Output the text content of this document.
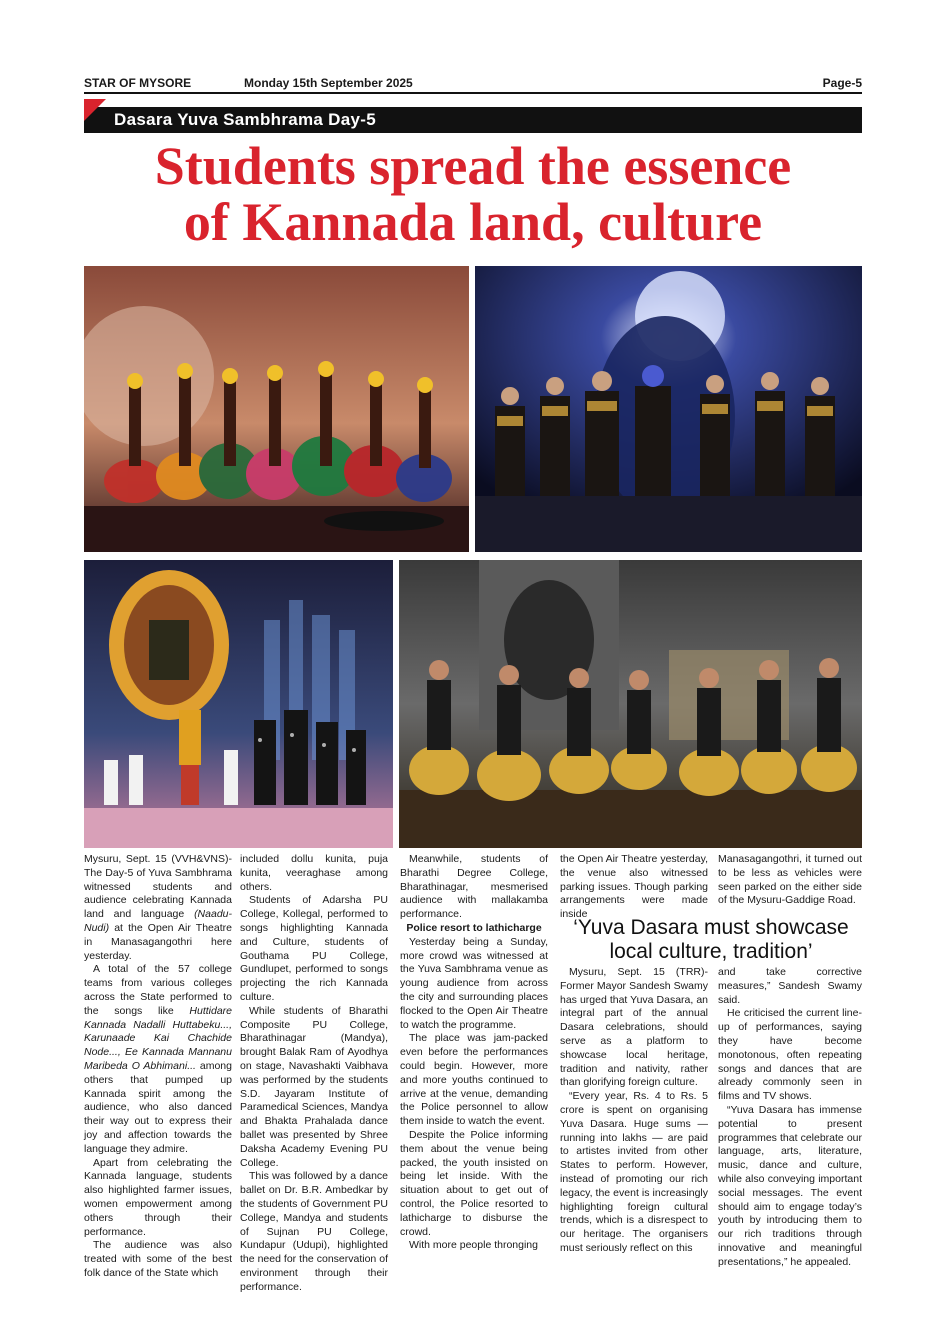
STAR OF MYSORE	Monday 15th September 2025	Page-5
Dasara Yuva Sambhrama Day-5
Students spread the essence
of Kannada land, culture

Mysuru, Sept. 15 (VVH&VNS)- The Day-5 of Yuva Sambhrama witnessed students and audience celebrating Kannada land and language (Naadu-Nudi) at the Open Air Theatre in Manasagangothri here yesterday.

A total of the 57 college teams from various colleges across the State performed to the songs like Huttidare Kannada Nadalli Huttabeku..., Karunaade Kai Chachide Node..., Ee Kannada Mannanu Maribeda O Abhimani... among others that pumped up Kannada spirit among the audience, who also danced their way out to express their joy and affection towards the language they admire.

Apart from celebrating the Kannada language, students also highlighted farmer issues, women empowerment among others through their performance.

The audience was also treated with some of the best folk dance of the State which

included dollu kunita, puja kunita, veeraghase among others.

Students of Adarsha PU College, Kollegal, performed to songs highlighting Kannada and Culture, students of Gouthama PU College, Gundlupet, performed to songs projecting the rich Kannada culture.

While students of Bharathi Composite PU College, Bharathinagar (Mandya), brought Balak Ram of Ayodhya on stage, Navashakti Vaibhava was performed by the students S.D. Jayaram Institute of Paramedical Sciences, Mandya and Bhakta Prahalada dance ballet was presented by Shree Daksha Academy Evening PU College.

This was followed by a dance ballet on Dr. B.R. Ambedkar by the students of Government PU College, Mandya and students of Sujnan PU College, Kundapur (Udupi), highlighted the need for the conservation of environment through their performance.

Meanwhile, students of Bharathi Degree College, Bharathinagar, mesmerised audience with mallakamba performance.

Police resort to lathicharge

Yesterday being a Sunday, more crowd was witnessed at the Yuva Sambhrama venue as young audience from across the city and surrounding places flocked to the Open Air Theatre to watch the programme.

The place was jam-packed even before the performances could begin. However, more and more youths continued to arrive at the venue, demanding the Police personnel to allow them inside to watch the event.

Despite the Police informing them about the venue being packed, the youth insisted on being let inside. With the situation about to get out of control, the Police resorted to lathicharge to disburse the crowd.

With more people thronging

the Open Air Theatre yesterday, the venue also witnessed parking issues. Though parking arrangements were made inside

Manasagangothri, it turned out to be less as vehicles were seen parked on the either side of the Mysuru-Gaddige Road.

‘Yuva Dasara must showcase
local culture, tradition’

Mysuru, Sept. 15 (TRR)- Former Mayor Sandesh Swamy has urged that Yuva Dasara, an integral part of the annual Dasara celebrations, should serve as a platform to showcase local heritage, tradition and nativity, rather than glorifying foreign culture.

“Every year, Rs. 4 to Rs. 5 crore is spent on organising Yuva Dasara. Huge sums — running into lakhs — are paid to artistes invited from other States to perform. However, instead of promoting our rich legacy, the event is increasingly highlighting foreign cultural trends, which is a disrespect to our heritage. The organisers must seriously reflect on this

and take corrective measures,” Sandesh Swamy said.

He criticised the current line-up of performances, saying they have become monotonous, often repeating songs and dances that are already commonly seen in films and TV shows.

“Yuva Dasara has immense potential to present programmes that celebrate our language, arts, literature, music, dance and culture, while also conveying important social messages. The event should aim to engage today’s youth by introducing them to our rich traditions through innovative and meaningful presentations,” he appealed.
